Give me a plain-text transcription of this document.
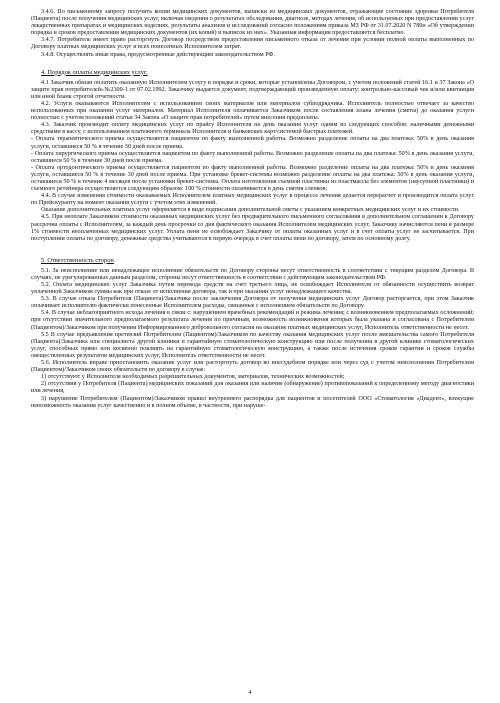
3.4.6. По письменному запросу получить копии медицинских документов, выписки из медицинских документов, отражающие состояние здоровья Потребителя (Пациента) после получения медицинских услуг, включая сведения о результатах обследования, диагнозе, методах лечения, об используемых при предоставлении услуг лекарственных препаратах и медицинских изделиях, результаты анализов и исследований согласно положениям приказа МЗ РФ от 31.07.2020 N 789н «Об утверждении порядка и сроков предоставления медицинских документов (их копий) и выписок из них». Указанная информация предоставляется бесплатно.

3.4.7. Потребитель имеет право расторгнуть Договор посредством предоставления письменного отказа от лечения при условии полной оплаты выполненных по Договору платных медицинских услуг и всех понесенных Исполнителем затрат.

3.4.8. Осуществлять иные права, предусмотренные действующим законодательством РФ.

4. Порядок оплаты медицинских услуг.

4.1 Заказчик обязан оплатить оказанную Исполнителем услугу в порядке и сроки, которые установлены Договором, с учетом положений статей 16.1 и 37 Закона «О защите прав потребителей»№2300-1 от 07.02.1992. Заказчику выдается документ, подтверждающий произведенную оплату: контрольно-кассовый чек и/или квитанция или иной бланк строгой отчетности.

4.2. Услуги оказываются Исполнителем с использованием своих материалов или материалов субподрядчика. Исполнитель полностью отвечает за качество использованных при оказании услуг материалов. Материал Исполнителя оплачивается Заказчиком после составления плана лечения (сметы) до оказания услуги полностью с учетом положений статьи 34 Закона «О защите прав потребителей» путем внесения предоплаты.

4.3. Заказчик производит оплату медицинских услуг по прайсу Исполнителя на день оказания услуг одним из следующих способов: наличными денежными средствами в кассу, с использованием платежного терминала Исполнителя и банковских карт/системой быстрых платежей.

- Оплата терапевтического приема осуществляется пациентом по факту выполненной работы. Возможно разделение оплаты на два платежа: 50% в день оказания услуги, оставшиеся 50 % в течение 30 дней после приема.

- Оплата хирургического приема осуществляется пациентом по факту выполненной работы. Возможно разделение оплаты на два платежа: 50% в день оказания услуги, оставшиеся 50 % в течение 30 дней после приема.

- Оплата ортодонтического приема осуществляется пациентом по факту выполненной работы. Возможно разделение оплаты на два платежа: 50% в день оказания услуги, оставшиеся 50 % в течение 30 дней после приема. При установке брекет-системы возможно разделение оплаты на два платежа: 50% в день оказания услуги, оставшиеся 50 % в течение 4 месяцев после установки брекет-системы. Оплата изготовления съемной пластинки из пластмассы без элементов (наусупной пластинки) и съемного ретейнера осуществляется следующим образом: 100 % стоимости оплачивается в день снятия слепков;

4.4. В случае изменения стоимости оказываемых Исполнителем платных медицинских услуг в процессе лечения делается перерасчет и производится оплата услуг по Прейскуранту на момент оказания услуги с учетом этих изменений.

Оказание дополнительных платных услуг оформляется в виде подписания дополнительной сметы с указанием конкретных медицинских услуг и их стоимости.

4.5. При неоплате Заказчиком стоимости оказанных медицинских услуг без предварительного письменного согласования в дополнительном соглашении к Договору рассрочки оплаты с Исполнителем, за каждый день просрочки со дня фактического оказания Исполнителем медицинских услуг, Заказчику начисляются пени в размере 1% стоимости неоплаченных медицинских услуг. Уплата пени не освобождает Заказчику от оплаты оказанных услуг и в счет оплаты услуг не засчитывается. При поступлении оплаты по договору, денежные средства учитываются в первую очередь в счет оплаты пени по договору, затем по основному долгу.

5. Ответственность сторон

5.1. За неисполнение или ненадлежащее исполнение обязательств по Договору стороны несут ответственность в соответствии с текущим разделом Договора. В случаях, не урегулированных данным разделом, стороны несут ответственность в соответствии с действующим законодательством РФ.

5.2. Оплата медицинских услуг Заказчика путем перевода средств на счет третьего лица, не освобождает Исполнителя от обязанности осуществить возврат уплаченной Заказчиком суммы как при отказе от исполнения договора, так и при оказании услуг ненадлежащего качества.

5.3. В случае отказа Потребителя (Пациента)/Заказчика после заключения Договора от получения медицинских услуг Договор расторгается, при этом Заказчик оплачивает исполнителю фактически понесенные Исполнителем расходы, связанные с исполнением обязательств по Договору.

5.4. В случае неблагоприятного исхода лечения в связи с: нарушением врачебных рекомендаций и режима лечения; с возникновением предполагаемых осложнений; при отсутствии значительного предполагаемого результата лечения по причинам, возможность возникновения которых была указана и согласована с Потребителем (Пациентом)/Заказчиком при получении Информированного добровольного согласия на оказание платных медицинских услуг, Исполнитель ответственности не несет.

5.5 В случае предъявления претензий Потребителем (Пациентом)/Заказчиком по качеству оказания медицинских услуг после вмешательства самого Потребителя (Пациента)/Заказчика или специалиста другой клиники в гарантийную стоматологическую конструкцию или после получения в другой клинике стоматологических услуг, способных прямо или косвенно повлиять на гарантийную стоматологическую конструкцию, а также после истечения сроков гарантии и сроков службы овеществленных результатов медицинских услуг, Исполнитель ответственности не несет.

5.6. Исполнитель вправе приостановить оказание услуг или расторгнуть договор во внесудебном порядке или через суд с учетом неисполнения Потребителем (Пациентом)/Заказчиком своих обязательств по договору в случае:

1) отсутствуют у Исполнителя необходимых разрешительных документов, материалов, технических возможностей;

2) отсутствия у Потребителя (Пациента) медицинских показаний для оказания или наличие (обнаружение) противопоказаний к определенному методу диагностики или лечения,

3) нарушение Потребителем (Пациентом)/Заказчиком правил внутреннего распорядка для пациентов и посетителей ООО «Стоматология «Диадент», влекущие невозможность оказания услуг качественно и в полном объеме, в частности, при наруше-

4
